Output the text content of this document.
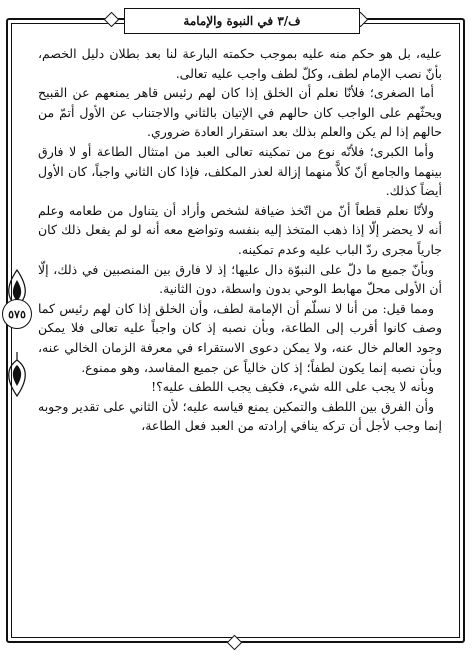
ف/٣ في النبوة والإمامة
٥٧٥

عليه، بل هو حكم منه عليه بموجب حكمته البارعة لنا بعد بطلان دليل الخصم، بأنّ نصب الإمام لطف، وكلّ لطف واجب عليه تعالى.

أما الصغرى؛ فلأنّا نعلم أن الخلق إذا كان لهم رئيس قاهر يمنعهم عن القبيح ويحثّهم على الواجب كان حالهم في الإتيان بالثاني والاجتناب عن الأول أتمّ من حالهم إذا لم يكن والعلم بذلك بعد استقرار العادة ضروري.

وأما الكبرى؛ فلأنّه نوع من تمكينه تعالى العبد من امتثال الطاعة أو لا فارق بينهما والجامع أنّ كلاًّ منهما إزالة لعذر المكلف، فإذا كان الثاني واجباً، كان الأول أيضاً كذلك.

ولأنّا نعلم قطعاً أنّ من اتّخذ ضيافة لشخص وأراد أن يتناول من طعامه وعلم أنه لا يحضر إلّا إذا ذهب المتخذ إليه بنفسه وتواضع معه أنه لو لم يفعل ذلك كان جارياً مجرى ردّ الباب عليه وعدم تمكينه.

وبأنّ جميع ما دلّ على النبوّة دال عليها؛ إذ لا فارق بين المنصبين في ذلك، إلّا أن الأولى محلّ مهابط الوحي بدون واسطة، دون الثانية.

ومما قيل: من أنا لا نسلّم أن الإمامة لطف، وأن الخلق إذا كان لهم رئيس كما وصف كانوا أقرب إلى الطاعة، وبأن نصبه إذ كان واجباً عليه تعالى فلا يمكن وجود العالم خال عنه، ولا يمكن دعوى الاستقراء في معرفة الزمان الخالي عنه، وبأن نصبه إنما يكون لطفاً؛ إذ كان خالياً عن جميع المفاسد، وهو ممنوع.

وبأنه لا يجب على الله شيء، فكيف يجب اللطف عليه؟!

وأن الفرق بين اللطف والتمكين يمنع قياسه عليه؛ لأن الثاني على تقدير وجوبه إنما وجب لأجل أن تركه ينافي إرادته من العبد فعل الطاعة،
